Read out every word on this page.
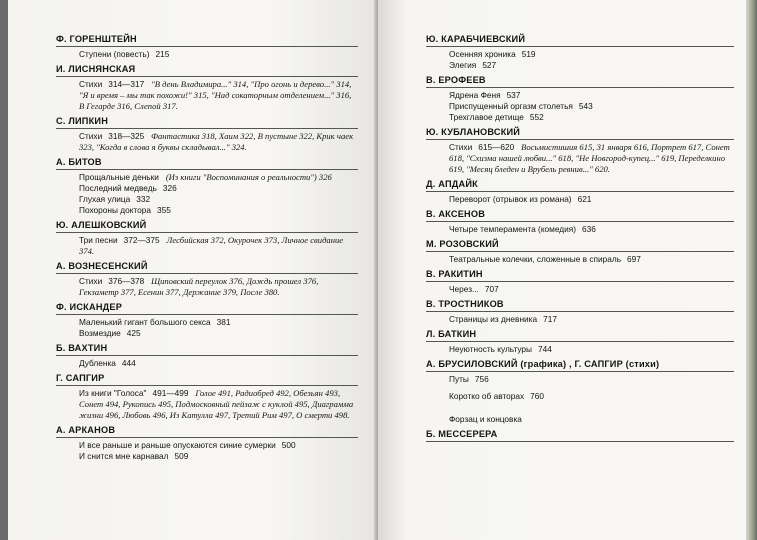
Ф. ГОРЕНШТЕЙН

Ступени (повесть) 215

И. ЛИСНЯНСКАЯ

Стихи 314—317 "В день Владимира..." 314, "Про огонь и дерево..." 314, "Я и время – мы так похожи!" 315, "Над сокаторным отделением..." 316, В Гегарде 316, Слепой 317.

С. ЛИПКИН

Стихи 318—325 Фантастика 318, Хаим 322, В пустыне 322, Крик чаек 323, "Когда в слова я буквы складывал..." 324.

А. БИТОВ

Прощальные деньки (Из книги "Воспоминания о реальности") 326

Последний медведь 326

Глухая улица 332

Похороны доктора 355

Ю. АЛЕШКОВСКИЙ

Три песни 372—375 Лесбийская 372, Окурочек 373, Личное свидание 374.

А. ВОЗНЕСЕНСКИЙ

Стихи 376—378 Щиповский переулок 376, Дождь прошел 376, Гекзаметр 377, Есенин 377, Держание 379, После 380.

Ф. ИСКАНДЕР

Маленький гигант большого секса 381

Возмездие 425

Б. ВАХТИН

Дубленка 444

Г. САПГИР

Из книги "Голоса" 491—499 Голое 491, Радиобред 492, Обезьян 493, Сонет 494, Рукопись 495, Подмосковный пейзаж с куклой 495, Диаграмма жизни 496, Любовь 496, Из Катулла 497, Третий Рим 497, О смерти 498.

А. АРКАНОВ

И все раньше и раньше опускаются синие сумерки 500

И снится мне карнавал 509

Ю. КАРАБЧИЕВСКИЙ

Осенняя хроника 519

Элегия 527

В. ЕРОФЕЕВ

Ядрена Феня 537

Приспущенный оргазм столетья 543

Трехглавое детище 552

Ю. КУБЛАНОВСКИЙ

Стихи 615—620 Восьмистишия 615, 31 января 616, Портрет 617, Сонет 618, "Схизма нашей любви..." 618, "Не Новгород-купец..." 619, Переделкино 619, "Месяц бледен и Врубель ревнив..." 620.

Д. АПДАЙК

Переворот (отрывок из романа) 621

В. АКСЕНОВ

Четыре темперамента (комедия) 636

М. РОЗОВСКИЙ

Театральные колечки, сложенные в спираль 697

В. РАКИТИН

Через... 707

В. ТРОСТНИКОВ

Страницы из дневника 717

Л. БАТКИН

Неуютность культуры 744

А. БРУСИЛОВСКИЙ (графика) , Г. САПГИР (стихи)

Путы 756

Коротко об авторах 760

Форзац и концовка

Б. МЕССЕРЕРА
